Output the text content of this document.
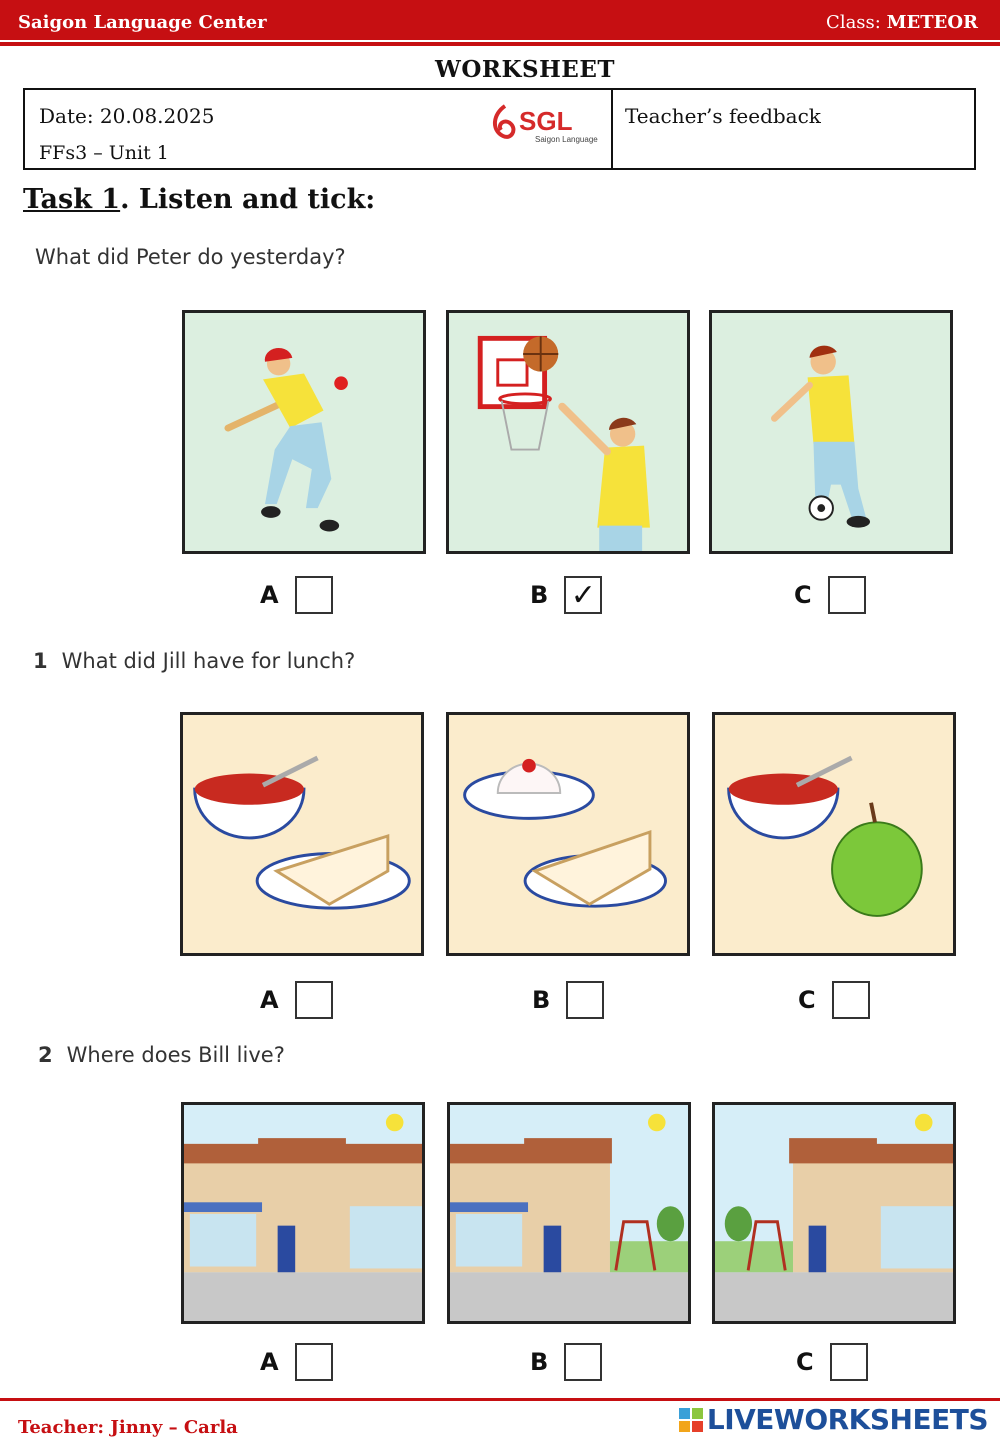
Saigon Language Center	Class: METEOR
WORKSHEET
Date: 20.08.2025
FFs3 – Unit 1
SGL
Saigon Language
Teacher’s feedback
Task 1. Listen and tick:
What did Peter do yesterday?
A	B ✓	C
1 What did Jill have for lunch?
A	B	C
2 Where does Bill live?
A	B	C
Teacher: Jinny – Carla	LIVEWORKSHEETS
